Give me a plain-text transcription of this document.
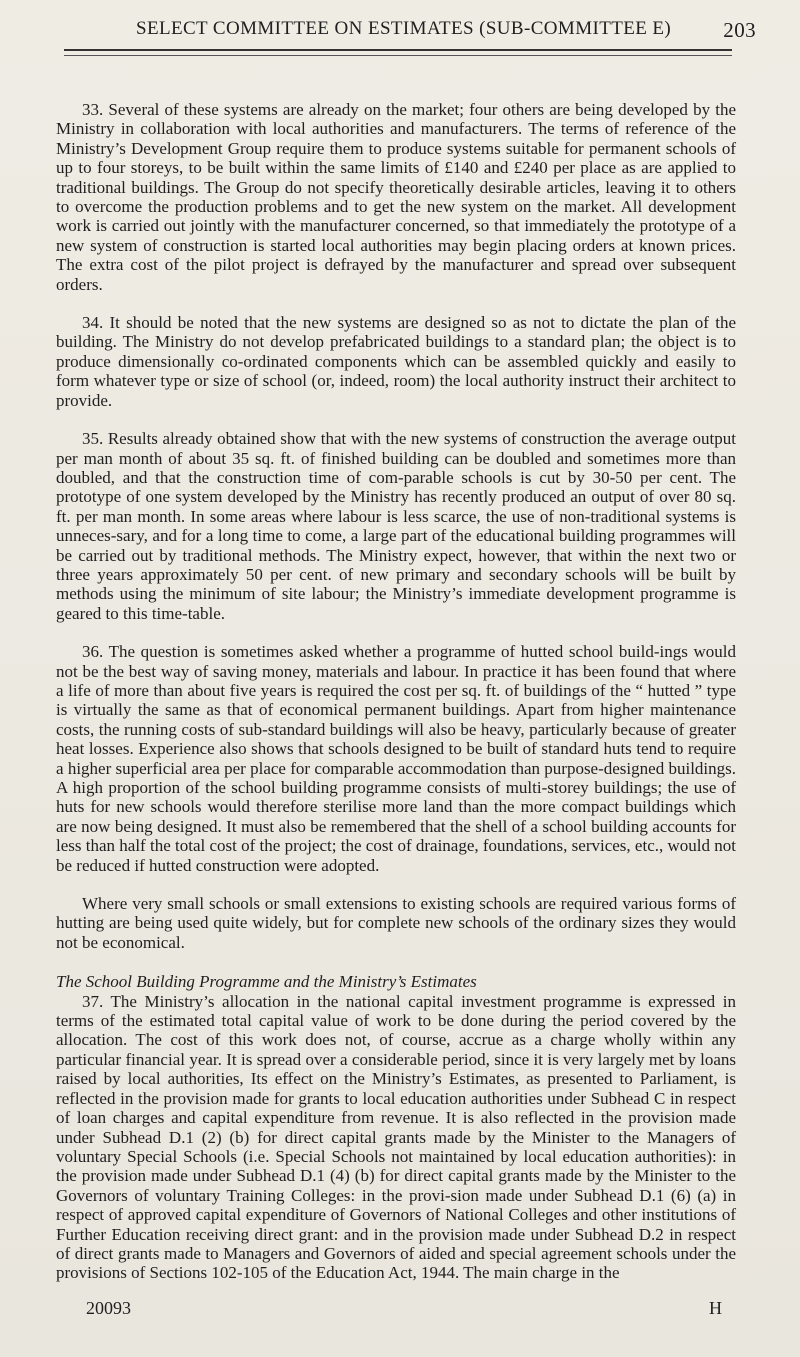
SELECT COMMITTEE ON ESTIMATES (SUB-COMMITTEE E) 203

33. Several of these systems are already on the market; four others are being developed by the Ministry in collaboration with local authorities and manufacturers. The terms of reference of the Ministry’s Development Group require them to produce systems suitable for permanent schools of up to four storeys, to be built within the same limits of £140 and £240 per place as are applied to traditional buildings. The Group do not specify theoretically desirable articles, leaving it to others to overcome the production problems and to get the new system on the market. All development work is carried out jointly with the manufacturer concerned, so that immediately the prototype of a new system of construction is started local authorities may begin placing orders at known prices. The extra cost of the pilot project is defrayed by the manufacturer and spread over subsequent orders.

34. It should be noted that the new systems are designed so as not to dictate the plan of the building. The Ministry do not develop prefabricated buildings to a standard plan; the object is to produce dimensionally co-ordinated components which can be assembled quickly and easily to form whatever type or size of school (or, indeed, room) the local authority instruct their architect to provide.

35. Results already obtained show that with the new systems of construction the average output per man month of about 35 sq. ft. of finished building can be doubled and sometimes more than doubled, and that the construction time of com-parable schools is cut by 30-50 per cent. The prototype of one system developed by the Ministry has recently produced an output of over 80 sq. ft. per man month. In some areas where labour is less scarce, the use of non-traditional systems is unneces-sary, and for a long time to come, a large part of the educational building programmes will be carried out by traditional methods. The Ministry expect, however, that within the next two or three years approximately 50 per cent. of new primary and secondary schools will be built by methods using the minimum of site labour; the Ministry’s immediate development programme is geared to this time-table.

36. The question is sometimes asked whether a programme of hutted school build-ings would not be the best way of saving money, materials and labour. In practice it has been found that where a life of more than about five years is required the cost per sq. ft. of buildings of the “ hutted ” type is virtually the same as that of economical permanent buildings. Apart from higher maintenance costs, the running costs of sub-standard buildings will also be heavy, particularly because of greater heat losses. Experience also shows that schools designed to be built of standard huts tend to require a higher superficial area per place for comparable accommodation than purpose-designed buildings. A high proportion of the school building programme consists of multi-storey buildings; the use of huts for new schools would therefore sterilise more land than the more compact buildings which are now being designed. It must also be remembered that the shell of a school building accounts for less than half the total cost of the project; the cost of drainage, foundations, services, etc., would not be reduced if hutted construction were adopted.

Where very small schools or small extensions to existing schools are required various forms of hutting are being used quite widely, but for complete new schools of the ordinary sizes they would not be economical.

The School Building Programme and the Ministry’s Estimates

37. The Ministry’s allocation in the national capital investment programme is expressed in terms of the estimated total capital value of work to be done during the period covered by the allocation. The cost of this work does not, of course, accrue as a charge wholly within any particular financial year. It is spread over a considerable period, since it is very largely met by loans raised by local authorities, Its effect on the Ministry’s Estimates, as presented to Parliament, is reflected in the provision made for grants to local education authorities under Subhead C in respect of loan charges and capital expenditure from revenue. It is also reflected in the provision made under Subhead D.1 (2) (b) for direct capital grants made by the Minister to the Managers of voluntary Special Schools (i.e. Special Schools not maintained by local education authorities): in the provision made under Subhead D.1 (4) (b) for direct capital grants made by the Minister to the Governors of voluntary Training Colleges: in the provi-sion made under Subhead D.1 (6) (a) in respect of approved capital expenditure of Governors of National Colleges and other institutions of Further Education receiving direct grant: and in the provision made under Subhead D.2 in respect of direct grants made to Managers and Governors of aided and special agreement schools under the provisions of Sections 102-105 of the Education Act, 1944. The main charge in the

20093	H
